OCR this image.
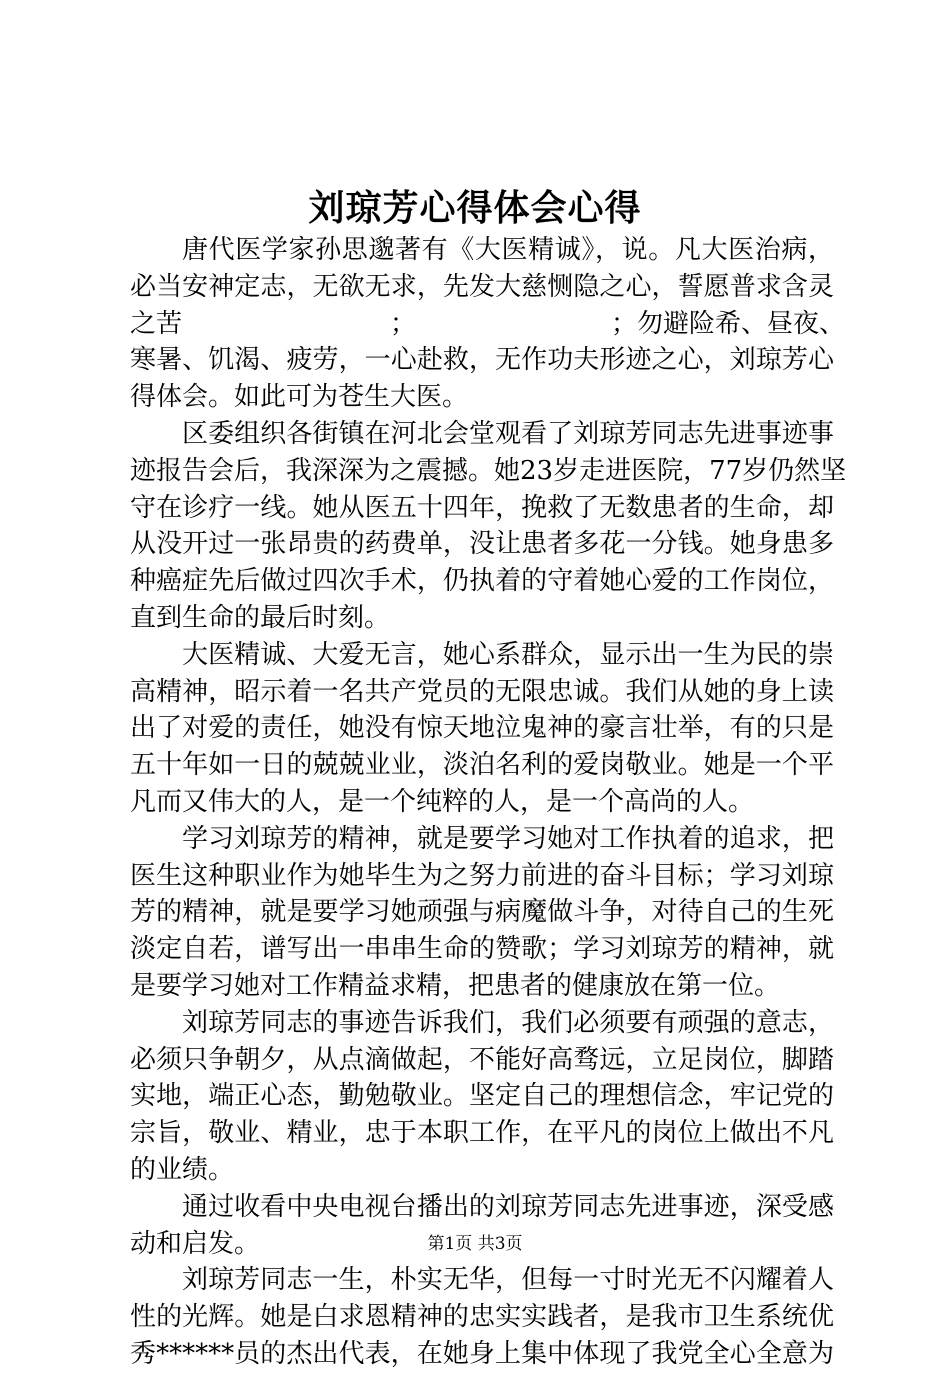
刘琼芳心得体会心得
唐代医学家孙思邈著有《大医精诚》，说。凡大医治病，
必当安神定志，无欲无求，先发大慈恻隐之心，誓愿普求含灵
之苦　　　　　　　　；　　　　　　　　；勿避险希、昼夜、
寒暑、饥渴、疲劳，一心赴救，无作功夫形迹之心，刘琼芳心
得体会。如此可为苍生大医。
区委组织各街镇在河北会堂观看了刘琼芳同志先进事迹事
迹报告会后，我深深为之震撼。她23岁走进医院，77岁仍然坚
守在诊疗一线。她从医五十四年，挽救了无数患者的生命，却
从没开过一张昂贵的药费单，没让患者多花一分钱。她身患多
种癌症先后做过四次手术，仍执着的守着她心爱的工作岗位，
直到生命的最后时刻。
大医精诚、大爱无言，她心系群众，显示出一生为民的崇
高精神，昭示着一名共产党员的无限忠诚。我们从她的身上读
出了对爱的责任，她没有惊天地泣鬼神的豪言壮举，有的只是
五十年如一日的兢兢业业，淡泊名利的爱岗敬业。她是一个平
凡而又伟大的人，是一个纯粹的人，是一个高尚的人。
学习刘琼芳的精神，就是要学习她对工作执着的追求，把
医生这种职业作为她毕生为之努力前进的奋斗目标；学习刘琼
芳的精神，就是要学习她顽强与病魔做斗争，对待自己的生死
淡定自若，谱写出一串串生命的赞歌；学习刘琼芳的精神，就
是要学习她对工作精益求精，把患者的健康放在第一位。
刘琼芳同志的事迹告诉我们，我们必须要有顽强的意志，
必须只争朝夕，从点滴做起，不能好高骛远，立足岗位，脚踏
实地，端正心态，勤勉敬业。坚定自己的理想信念，牢记党的
宗旨，敬业、精业，忠于本职工作，在平凡的岗位上做出不凡
的业绩。
通过收看中央电视台播出的刘琼芳同志先进事迹，深受感
动和启发。
刘琼芳同志一生，朴实无华，但每一寸时光无不闪耀着人
性的光辉。她是白求恩精神的忠实实践者，是我市卫生系统优
秀******员的杰出代表，在她身上集中体现了我党全心全意为
第1页 共3页
